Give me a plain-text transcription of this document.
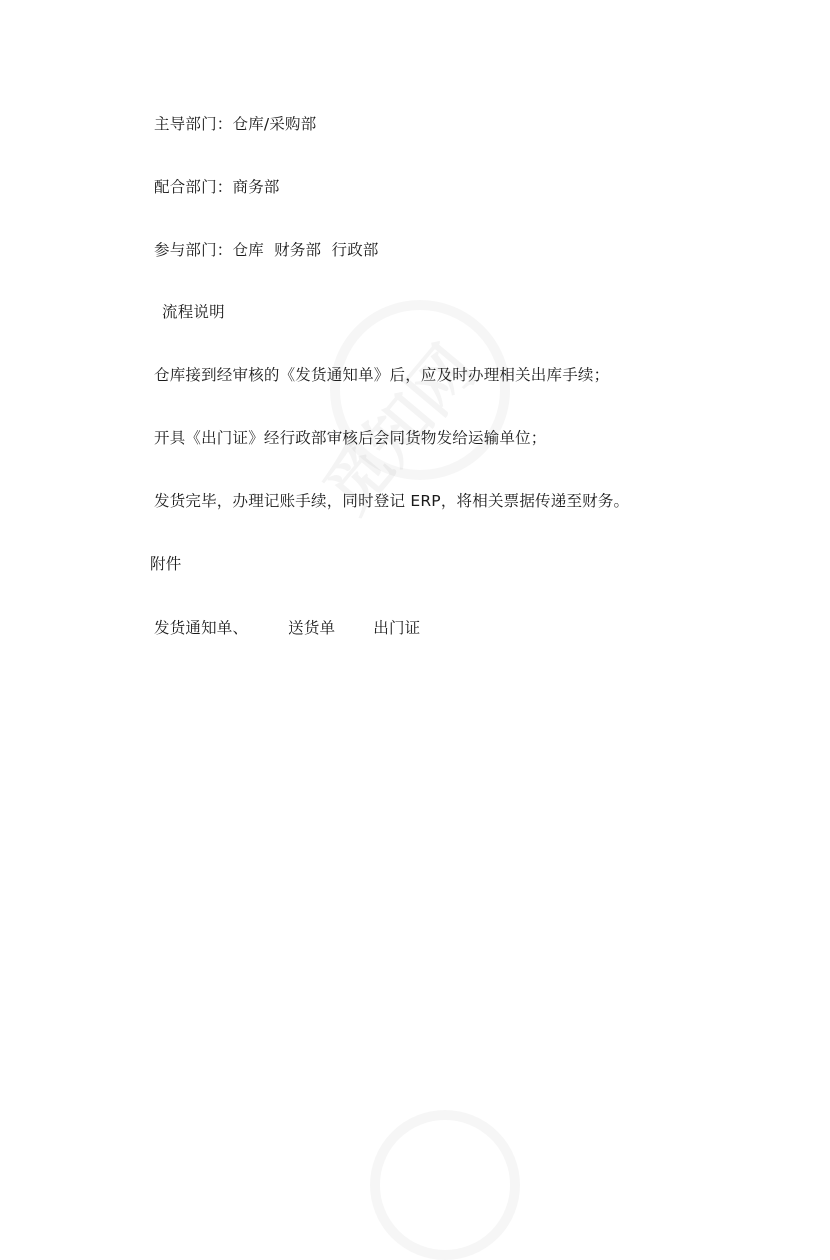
主导部门：仓库/采购部
配合部门：商务部
参与部门：仓库  财务部  行政部
流程说明
仓库接到经审核的《发货通知单》后，应及时办理相关出库手续；
开具《出门证》经行政部审核后会同货物发给运输单位；
发货完毕，办理记账手续，同时登记 ERP，将相关票据传递至财务。
附件
发货通知单、	送货单 出门证
